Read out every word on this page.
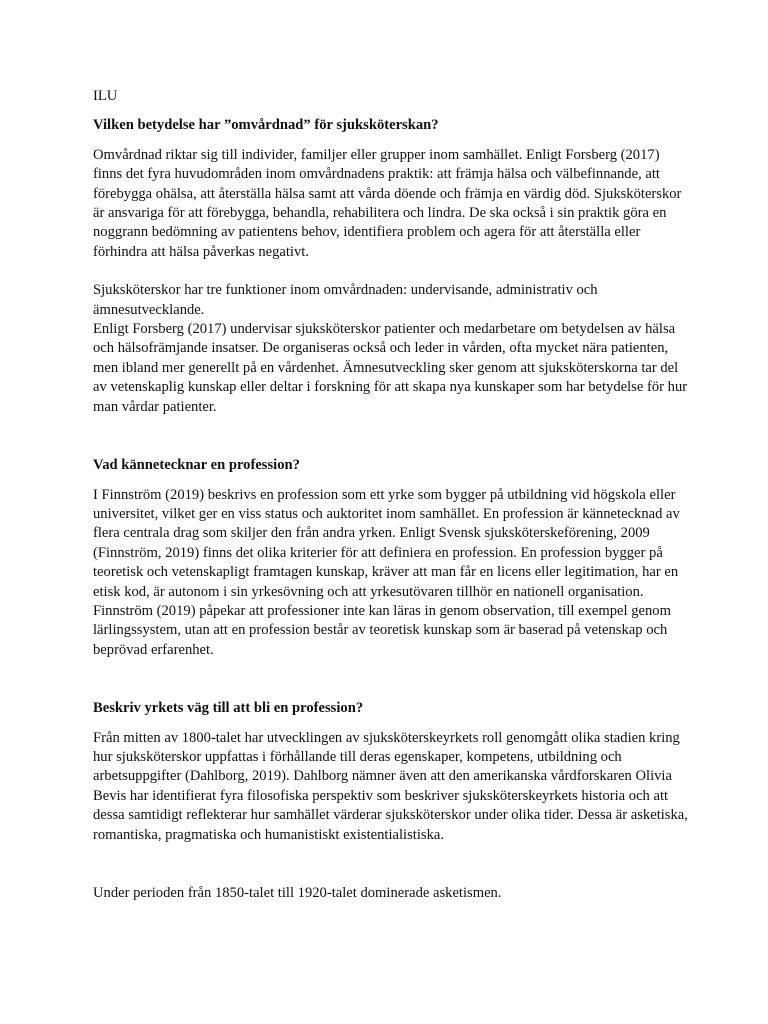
ILU

Vilken betydelse har ”omvårdnad” för sjuksköterskan?

Omvårdnad riktar sig till individer, familjer eller grupper inom samhället. Enligt Forsberg (2017) finns det fyra huvudområden inom omvårdnadens praktik: att främja hälsa och välbefinnande, att förebygga ohälsa, att återställa hälsa samt att vårda döende och främja en värdig död. Sjuksköterskor är ansvariga för att förebygga, behandla, rehabilitera och lindra. De ska också i sin praktik göra en noggrann bedömning av patientens behov, identifiera problem och agera för att återställa eller förhindra att hälsa påverkas negativt.

Sjuksköterskor har tre funktioner inom omvårdnaden: undervisande, administrativ och ämnesutvecklande.

Enligt Forsberg (2017) undervisar sjuksköterskor patienter och medarbetare om betydelsen av hälsa och hälsofrämjande insatser. De organiseras också och leder in vården, ofta mycket nära patienten, men ibland mer generellt på en vårdenhet. Ämnesutveckling sker genom att sjuksköterskorna tar del av vetenskaplig kunskap eller deltar i forskning för att skapa nya kunskaper som har betydelse för hur man vårdar patienter.

Vad kännetecknar en profession?

I Finnström (2019) beskrivs en profession som ett yrke som bygger på utbildning vid högskola eller universitet, vilket ger en viss status och auktoritet inom samhället. En profession är kännetecknad av flera centrala drag som skiljer den från andra yrken. Enligt Svensk sjuksköterskeförening, 2009 (Finnström, 2019) finns det olika kriterier för att definiera en profession. En profession bygger på teoretisk och vetenskapligt framtagen kunskap, kräver att man får en licens eller legitimation, har en etisk kod, är autonom i sin yrkesövning och att yrkesutövaren tillhör en nationell organisation. Finnström (2019) påpekar att professioner inte kan läras in genom observation, till exempel genom lärlingssystem, utan att en profession består av teoretisk kunskap som är baserad på vetenskap och beprövad erfarenhet.

Beskriv yrkets väg till att bli en profession?

Från mitten av 1800-talet har utvecklingen av sjuksköterskeyrkets roll genomgått olika stadien kring hur sjuksköterskor uppfattas i förhållande till deras egenskaper, kompetens, utbildning och arbetsuppgifter (Dahlborg, 2019). Dahlborg nämner även att den amerikanska vårdforskaren Olivia Bevis har identifierat fyra filosofiska perspektiv som beskriver sjuksköterskeyrkets historia och att dessa samtidigt reflekterar hur samhället värderar sjuksköterskor under olika tider. Dessa är asketiska, romantiska, pragmatiska och humanistiskt existentialistiska.

Under perioden från 1850-talet till 1920-talet dominerade asketismen.
